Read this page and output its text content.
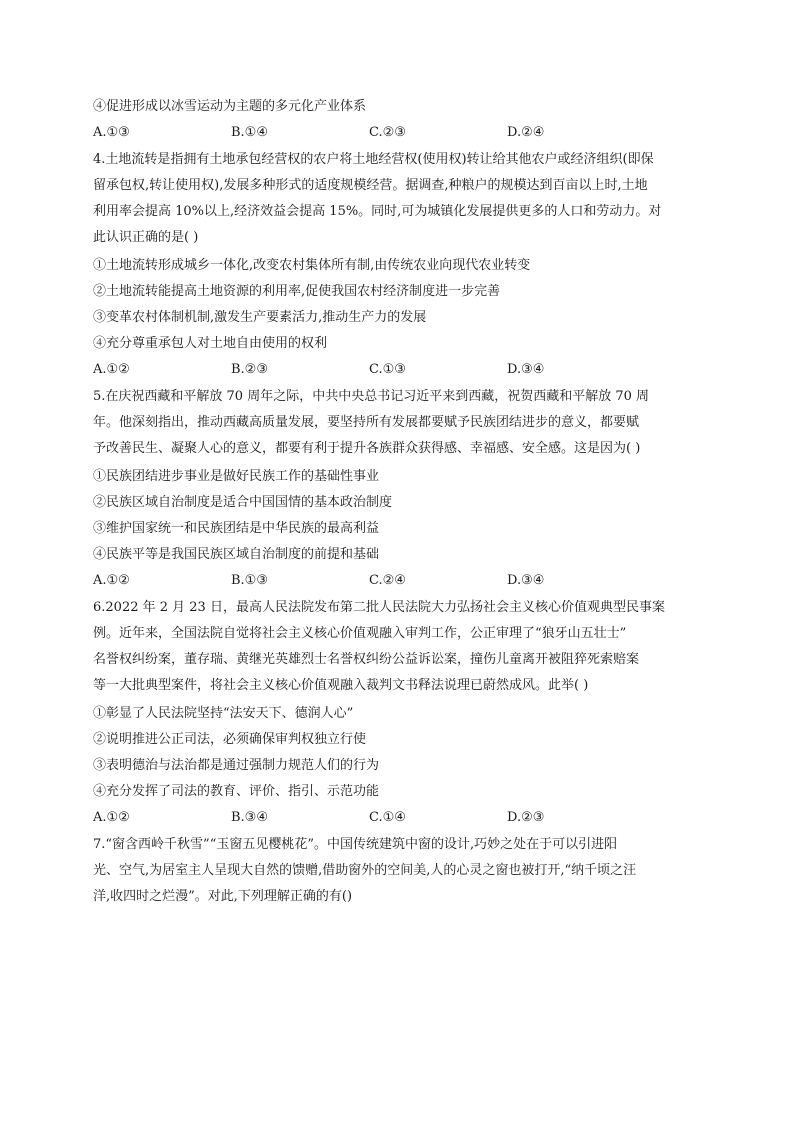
④促进形成以冰雪运动为主题的多元化产业体系
A.①③	B.①④	C.②③	D.②④
4.土地流转是指拥有土地承包经营权的农户将土地经营权(使用权)转让给其他农户或经济组织(即保
留承包权,转让使用权),发展多种形式的适度规模经营。据调查,种粮户的规模达到百亩以上时,土地
利用率会提高 10%以上,经济效益会提高 15%。同时,可为城镇化发展提供更多的人口和劳动力。对
此认识正确的是( )
①土地流转形成城乡一体化,改变农村集体所有制,由传统农业向现代农业转变
②土地流转能提高土地资源的利用率,促使我国农村经济制度进一步完善
③变革农村体制机制,激发生产要素活力,推动生产力的发展
④充分尊重承包人对土地自由使用的权利
A.①②	B.②③	C.①③	D.③④
5.在庆祝西藏和平解放 70 周年之际，中共中央总书记习近平来到西藏，祝贺西藏和平解放 70 周
年。他深刻指出，推动西藏高质量发展，要坚持所有发展都要赋予民族团结进步的意义，都要赋
予改善民生、凝聚人心的意义，都要有利于提升各族群众获得感、幸福感、安全感。这是因为( )
①民族团结进步事业是做好民族工作的基础性事业
②民族区域自治制度是适合中国国情的基本政治制度
③维护国家统一和民族团结是中华民族的最高利益
④民族平等是我国民族区域自治制度的前提和基础
A.①②	B.①③	C.②④	D.③④
6.2022 年 2 月 23 日，最高人民法院发布第二批人民法院大力弘扬社会主义核心价值观典型民事案
例。近年来，全国法院自觉将社会主义核心价值观融入审判工作，公正审理了“狼牙山五壮士”
名誉权纠纷案，董存瑞、黄继光英雄烈士名誉权纠纷公益诉讼案，撞伤儿童离开被阻猝死索赔案
等一大批典型案件，将社会主义核心价值观融入裁判文书释法说理已蔚然成风。此举( )
①彰显了人民法院坚持“法安天下、德润人心”
②说明推进公正司法，必须确保审判权独立行使
③表明德治与法治都是通过强制力规范人们的行为
④充分发挥了司法的教育、评价、指引、示范功能
A.①②	B.③④	C.①④	D.②③
7.“窗含西岭千秋雪”“玉窗五见樱桃花”。中国传统建筑中窗的设计,巧妙之处在于可以引进阳
光、空气,为居室主人呈现大自然的馈赠,借助窗外的空间美,人的心灵之窗也被打开,“纳千顷之汪
洋,收四时之烂漫”。对此,下列理解正确的有()
